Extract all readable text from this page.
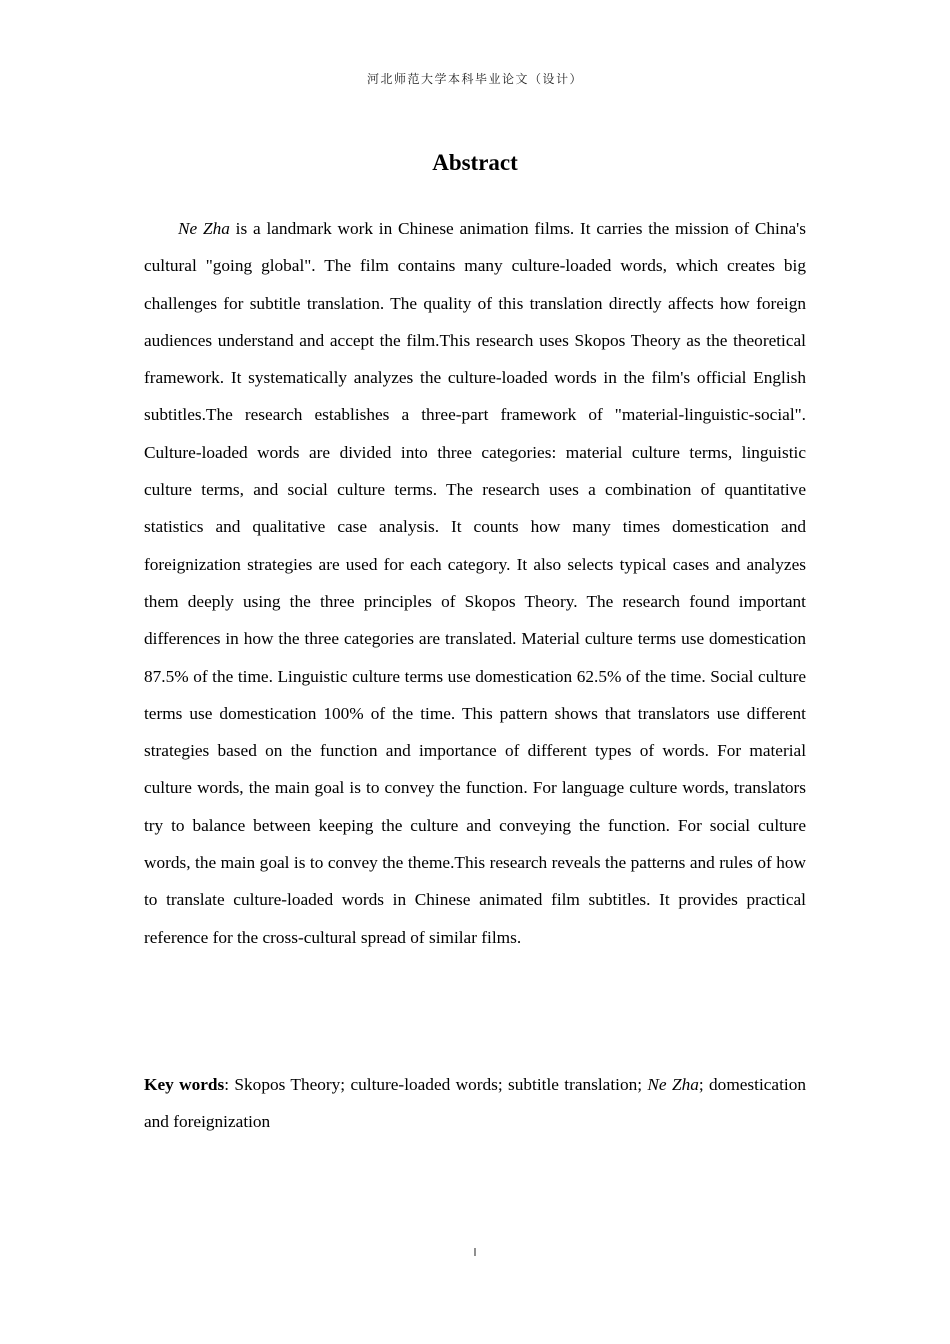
河北师范大学本科毕业论文（设计）
Abstract

Ne Zha is a landmark work in Chinese animation films. It carries the mission of China's cultural "going global". The film contains many culture-loaded words, which creates big challenges for subtitle translation. The quality of this translation directly affects how foreign audiences understand and accept the film.This research uses Skopos Theory as the theoretical framework. It systematically analyzes the culture-loaded words in the film's official English subtitles.The research establishes a three-part framework of "material-linguistic-social". Culture-loaded words are divided into three categories: material culture terms, linguistic culture terms, and social culture terms. The research uses a combination of quantitative statistics and qualitative case analysis. It counts how many times domestication and foreignization strategies are used for each category. It also selects typical cases and analyzes them deeply using the three principles of Skopos Theory. The research found important differences in how the three categories are translated. Material culture terms use domestication 87.5% of the time. Linguistic culture terms use domestication 62.5% of the time. Social culture terms use domestication 100% of the time. This pattern shows that translators use different strategies based on the function and importance of different types of words. For material culture words, the main goal is to convey the function. For language culture words, translators try to balance between keeping the culture and conveying the function. For social culture words, the main goal is to convey the theme.This research reveals the patterns and rules of how to translate culture-loaded words in Chinese animated film subtitles. It provides practical reference for the cross-cultural spread of similar films.

Key words: Skopos Theory; culture-loaded words; subtitle translation; Ne Zha; domestication and foreignization

I
